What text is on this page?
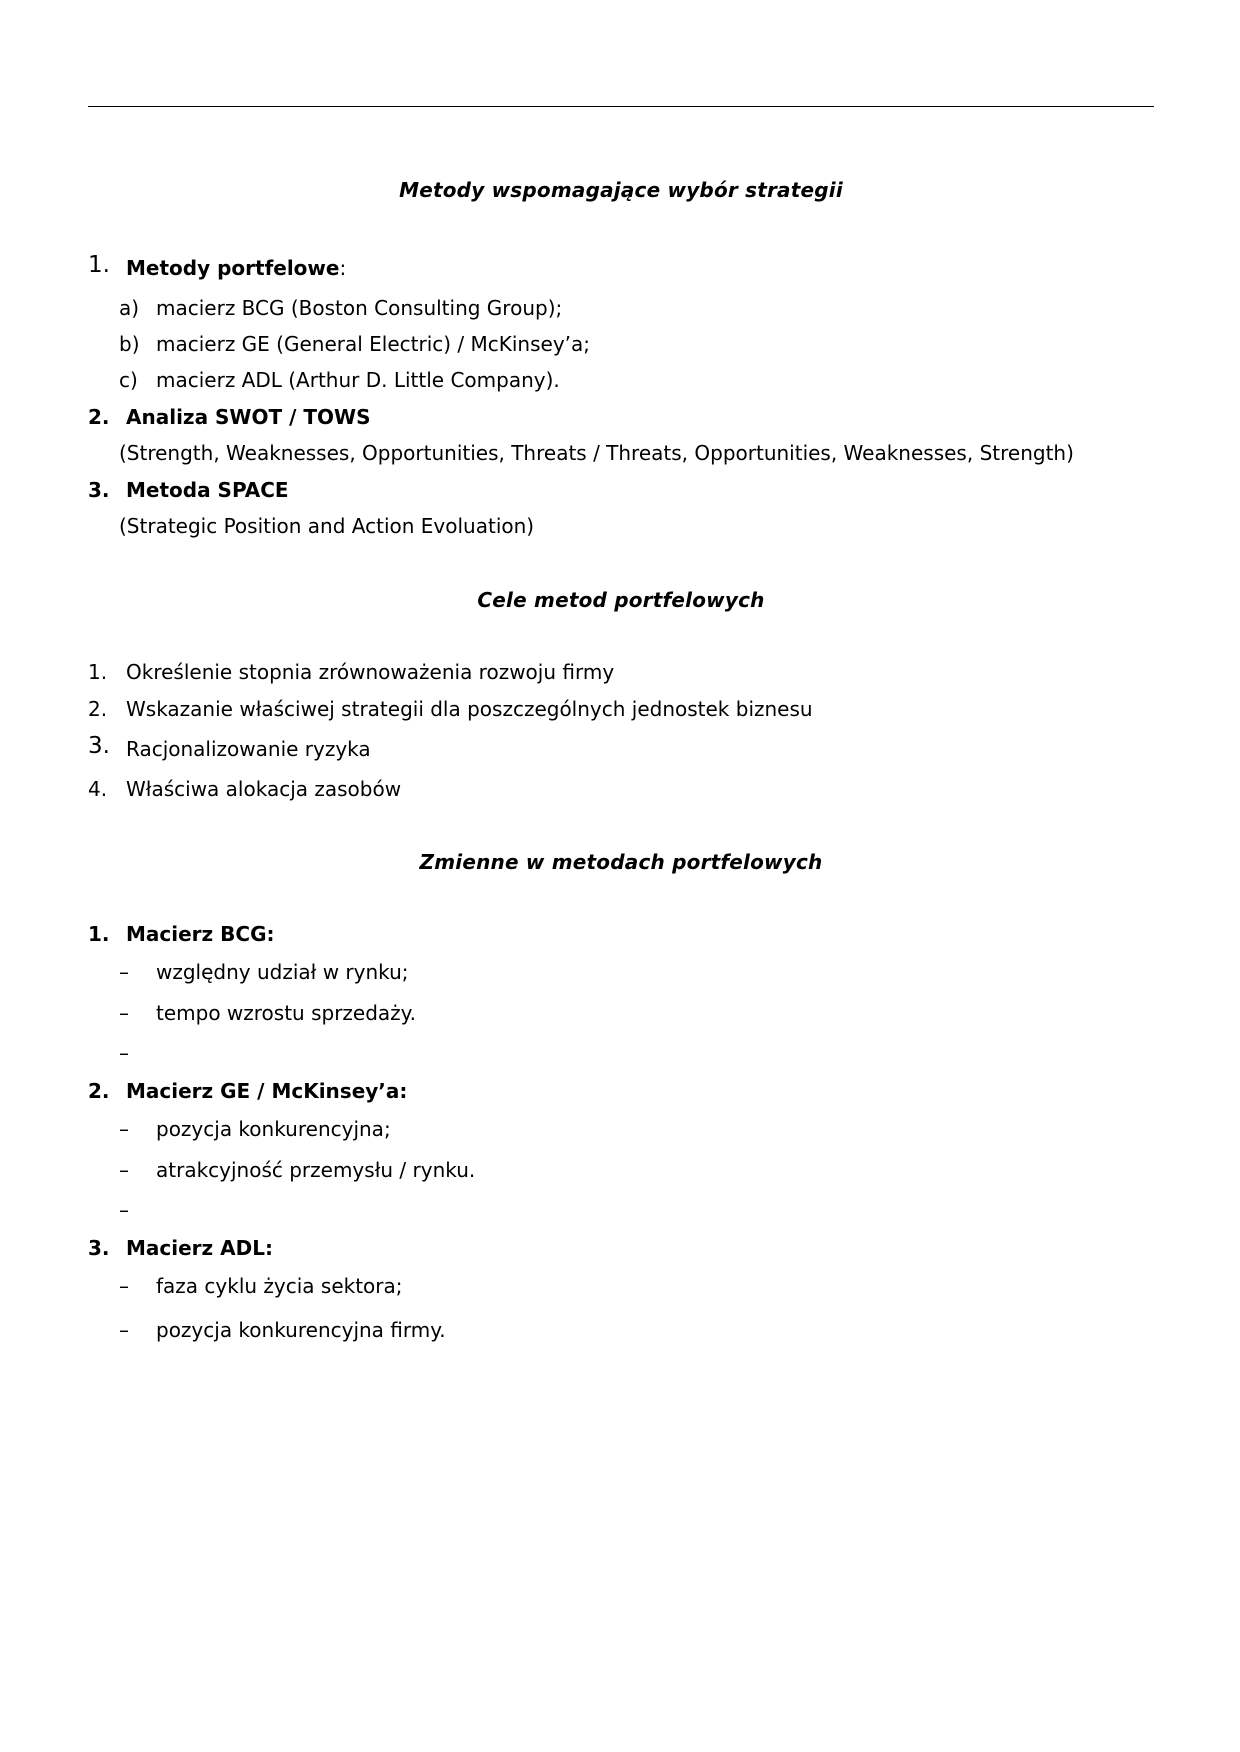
Metody wspomagające wybór strategii
1. Metody portfelowe:
a) macierz BCG (Boston Consulting Group);
b) macierz GE (General Electric) / McKinsey’a;
c) macierz ADL (Arthur D. Little Company).
2. Analiza SWOT / TOWS
(Strength, Weaknesses, Opportunities, Threats / Threats, Opportunities, Weaknesses, Strength)
3. Metoda SPACE
(Strategic Position and Action Evoluation)
Cele metod portfelowych
1. Określenie stopnia zrównoważenia rozwoju firmy
2. Wskazanie właściwej strategii dla poszczególnych jednostek biznesu
3. Racjonalizowanie ryzyka
4. Właściwa alokacja zasobów
Zmienne w metodach portfelowych
1. Macierz BCG:
– względny udział w rynku;
– tempo wzrostu sprzedaży.
–
2. Macierz GE / McKinsey’a:
– pozycja konkurencyjna;
– atrakcyjność przemysłu / rynku.
–
3. Macierz ADL:
– faza cyklu życia sektora;
– pozycja konkurencyjna firmy.
